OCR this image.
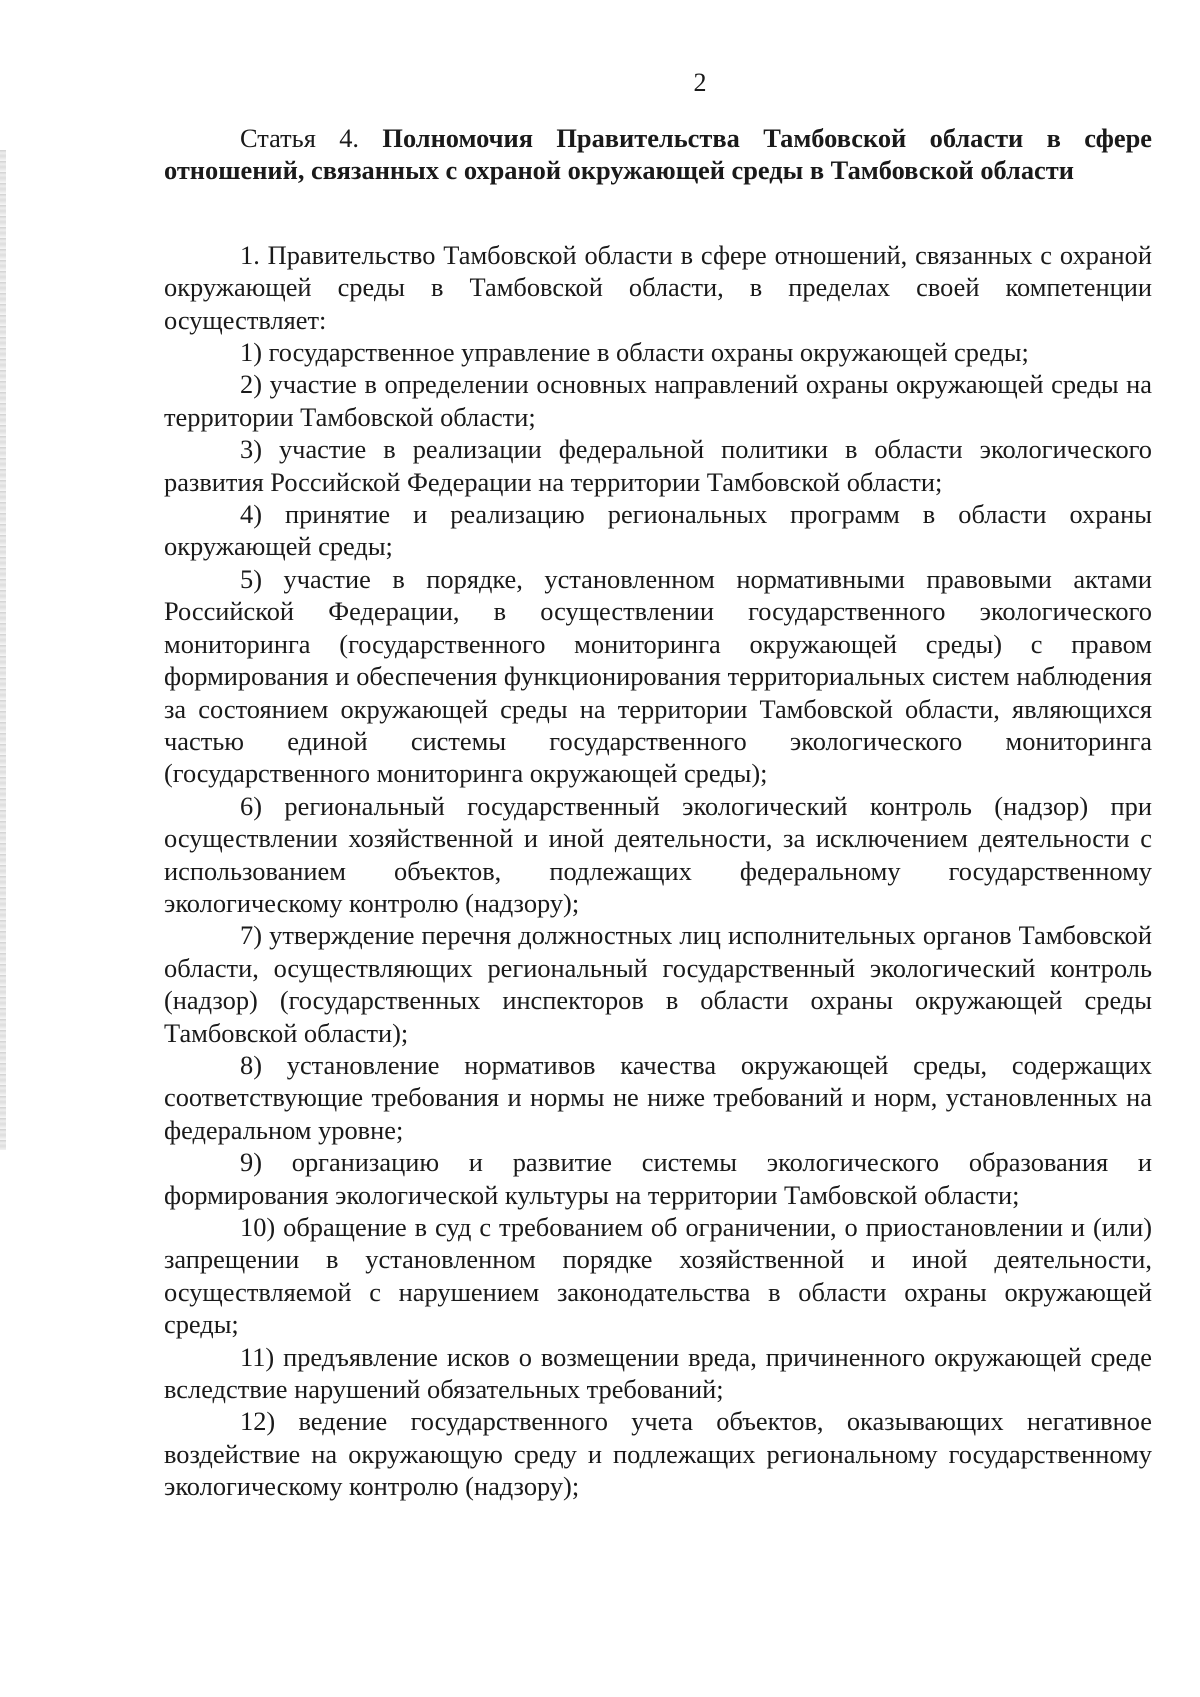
2

Статья 4. Полномочия Правительства Тамбовской области в сфере отношений, связанных с охраной окружающей среды в Тамбовской области

1. Правительство Тамбовской области в сфере отношений, связанных с охраной окружающей среды в Тамбовской области, в пределах своей компетенции осуществляет:

1) государственное управление в области охраны окружающей среды;

2) участие в определении основных направлений охраны окружающей среды на территории Тамбовской области;

3) участие в реализации федеральной политики в области экологического развития Российской Федерации на территории Тамбовской области;

4) принятие и реализацию региональных программ в области охраны окружающей среды;

5) участие в порядке, установленном нормативными правовыми актами Российской Федерации, в осуществлении государственного экологического мониторинга (государственного мониторинга окружающей среды) с правом формирования и обеспечения функционирования территориальных систем наблюдения за состоянием окружающей среды на территории Тамбовской области, являющихся частью единой системы государственного экологического мониторинга (государственного мониторинга окружающей среды);

6) региональный государственный экологический контроль (надзор) при осуществлении хозяйственной и иной деятельности, за исключением деятельности с использованием объектов, подлежащих федеральному государственному экологическому контролю (надзору);

7) утверждение перечня должностных лиц исполнительных органов Тамбовской области, осуществляющих региональный государственный экологический контроль (надзор) (государственных инспекторов в области охраны окружающей среды Тамбовской области);

8) установление нормативов качества окружающей среды, содержащих соответствующие требования и нормы не ниже требований и норм, установленных на федеральном уровне;

9) организацию и развитие системы экологического образования и формирования экологической культуры на территории Тамбовской области;

10) обращение в суд с требованием об ограничении, о приостановлении и (или) запрещении в установленном порядке хозяйственной и иной деятельности, осуществляемой с нарушением законодательства в области охраны окружающей среды;

11) предъявление исков о возмещении вреда, причиненного окружающей среде вследствие нарушений обязательных требований;

12) ведение государственного учета объектов, оказывающих негативное воздействие на окружающую среду и подлежащих региональному государственному экологическому контролю (надзору);
